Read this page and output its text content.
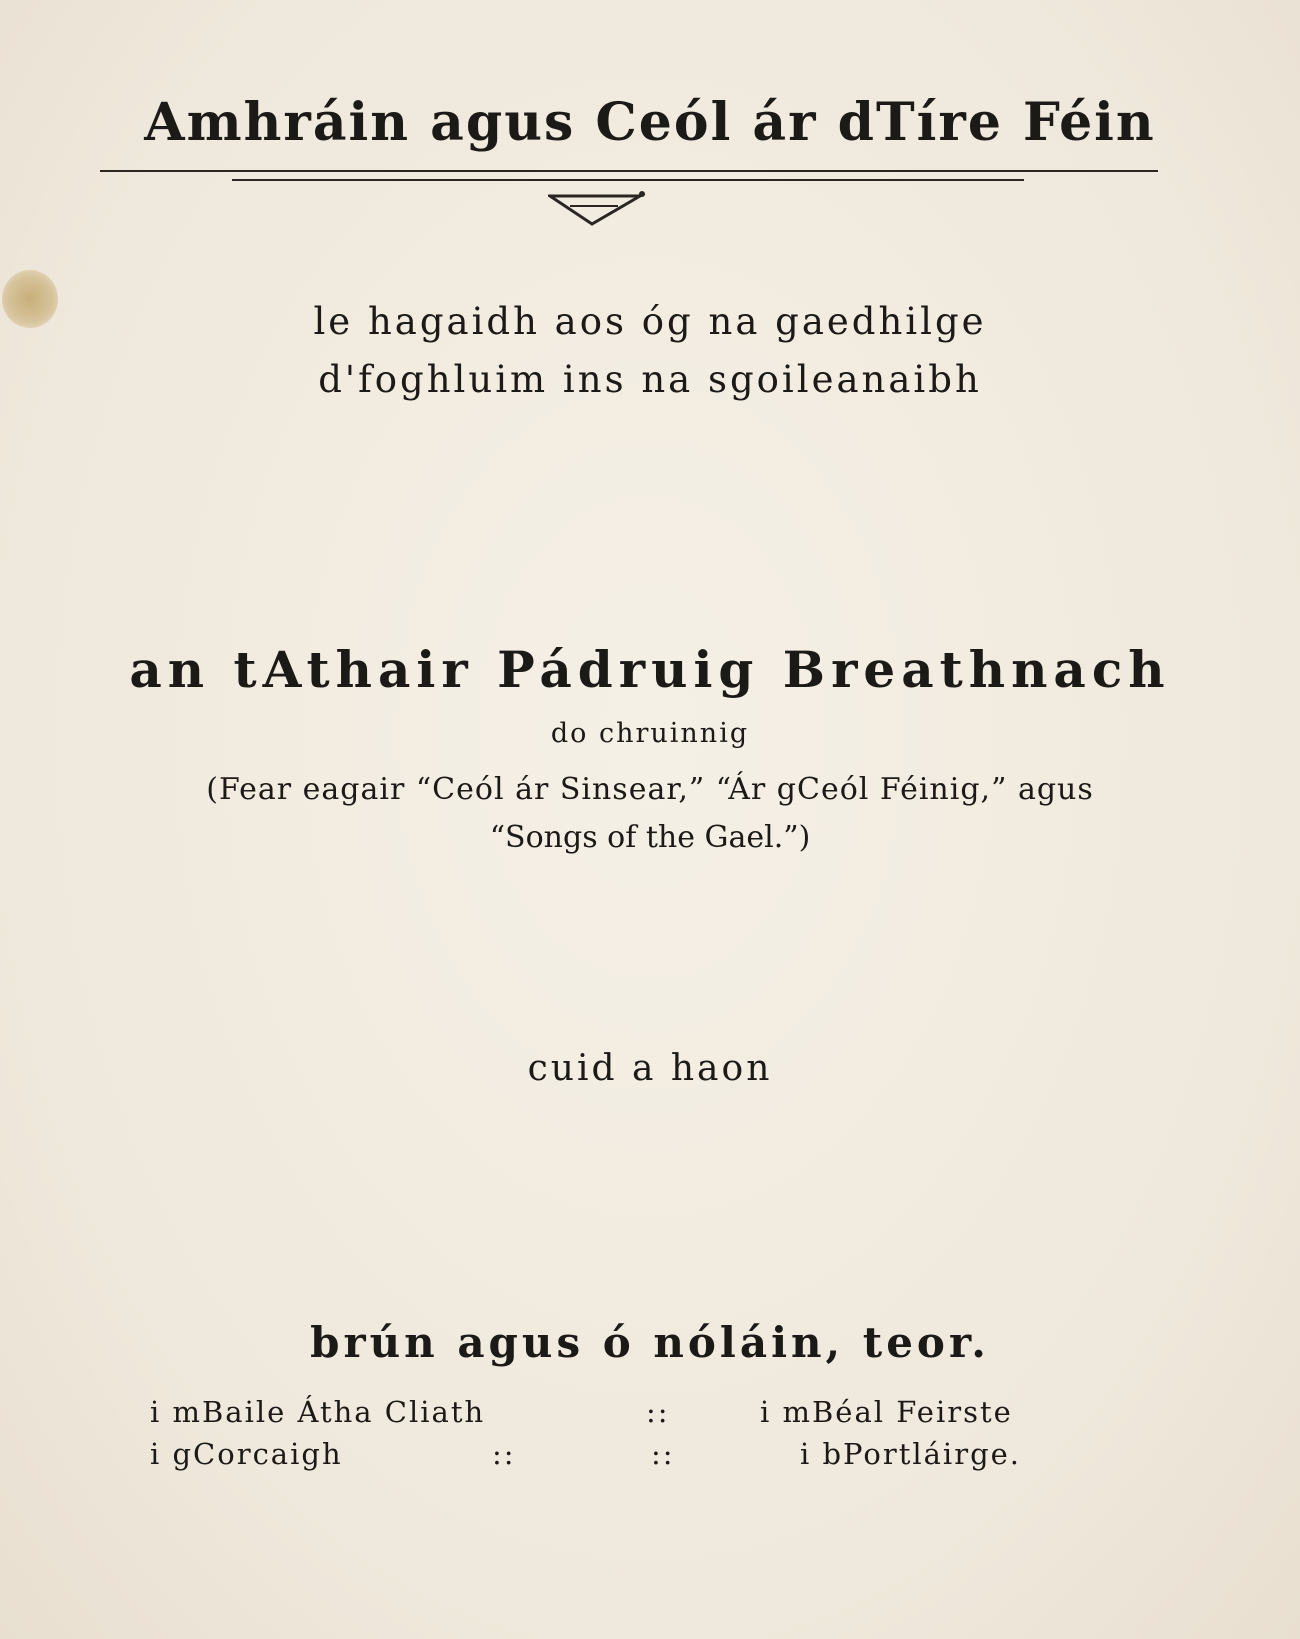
Amhráin agus Ceól ár dTíre Féin
le hagaidh aos óg na gaedhilge
d'foghluim ins na sgoileanaibh
an tAthair Pádruig Breathnach
do chruinnig
(Fear eagair “Ceól ár Sinsear,” “Ár gCeól Féinig,” agus
“Songs of the Gael.”)
cuid a haon
brún agus ó nóláin, teor.
i mBaile Átha Cliath	::	i mBéal Feirste
i gCorcaigh	::	::	i bPortláirge.
